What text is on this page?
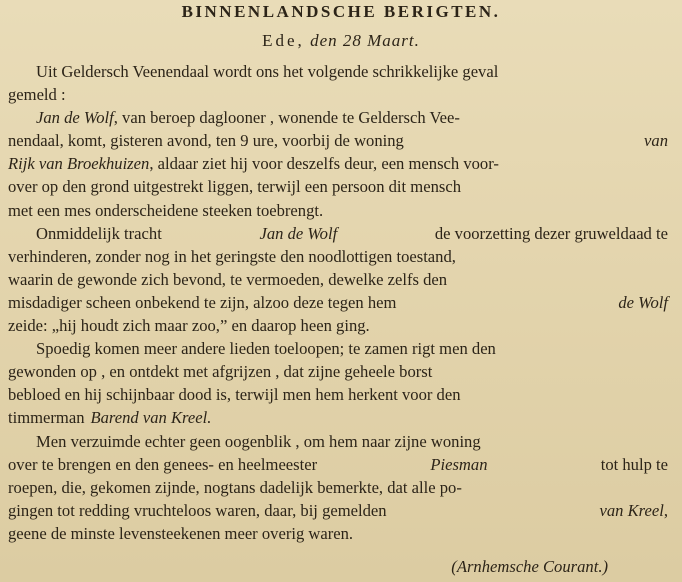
BINNENLANDSCHE BERIGTEN.
Ede, den 28 Maart.
Uit Geldersch Veenendaal wordt ons het volgende schrikkelijke geval
gemeld :
Jan de Wolf, van beroep daglooner , wonende te Geldersch Vee-
nendaal, komt, gisteren avond, ten 9 ure, voorbij de woning	van
Rijk van Broekhuizen, aldaar ziet hij voor deszelfs deur, een mensch voor-
over op den grond uitgestrekt liggen, terwijl een persoon dit mensch
met een mes onderscheidene steeken toebrengt.
Onmiddelijk tracht	Jan de Wolf	de voorzetting dezer gruweldaad te
verhinderen, zonder nog in het geringste den noodlottigen toestand,
waarin de gewonde zich bevond, te vermoeden, dewelke zelfs den
misdadiger scheen onbekend te zijn, alzoo deze tegen hem	de Wolf
zeide: „hij houdt zich maar zoo,” en daarop heen ging.
Spoedig komen meer andere lieden toeloopen; te zamen rigt men den
gewonden op , en ontdekt met afgrijzen , dat zijne geheele borst
bebloed en hij schijnbaar dood is, terwijl men hem herkent voor den
timmerman Barend van Kreel.
Men verzuimde echter geen oogenblik , om hem naar zijne woning
over te brengen en den genees- en heelmeester	Piesman	tot hulp te
roepen, die, gekomen zijnde, nogtans dadelijk bemerkte, dat alle po-
gingen tot redding vruchteloos waren, daar, bij gemelden	van Kreel,
geene de minste levensteekenen meer overig waren.
(Arnhemsche Courant.)
